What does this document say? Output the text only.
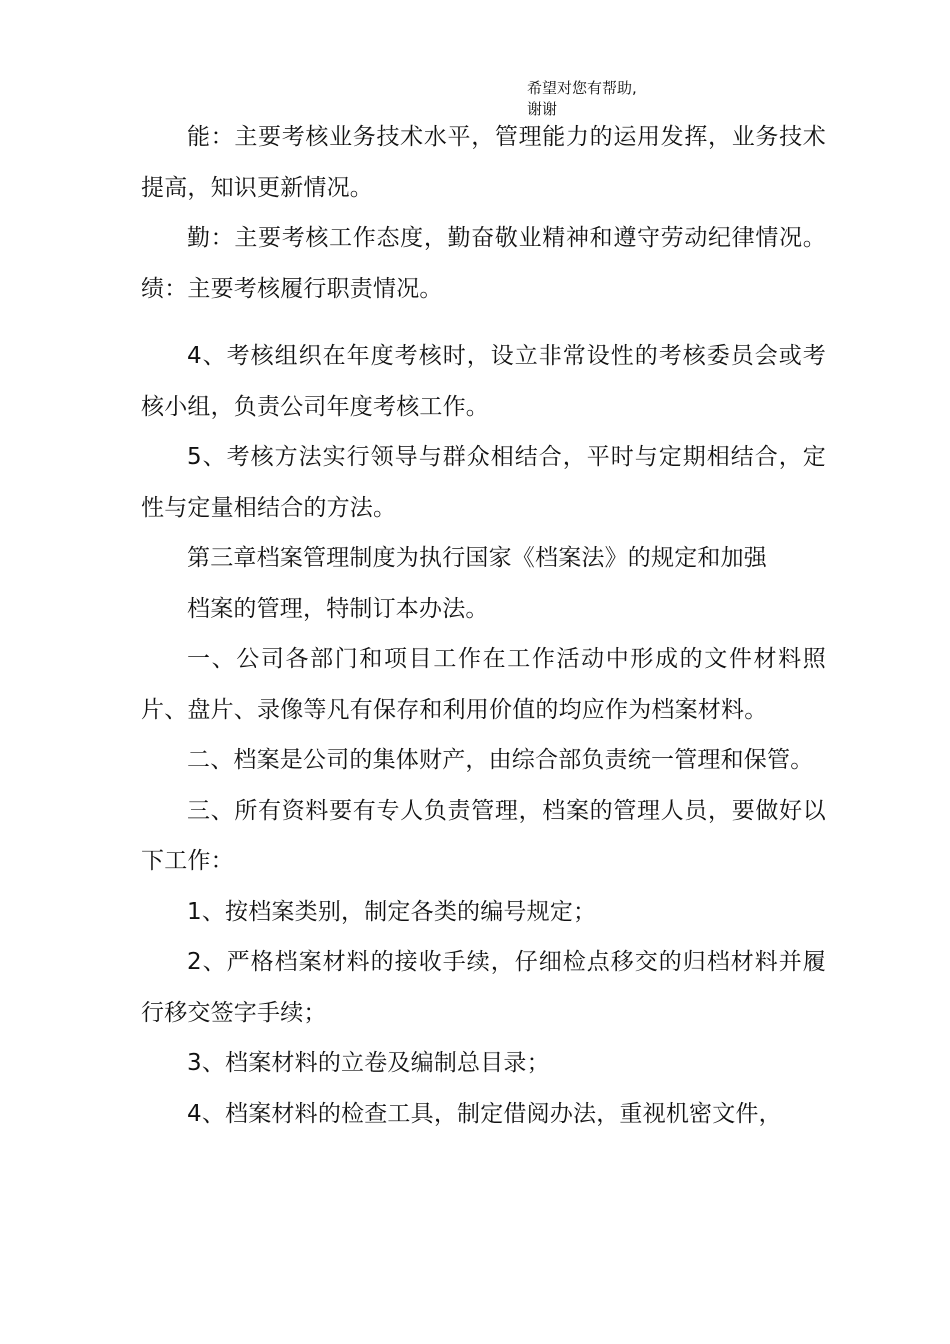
希望对您有帮助,
谢谢

能：主要考核业务技术水平，管理能力的运用发挥，业务技术提高，知识更新情况。

勤：主要考核工作态度，勤奋敬业精神和遵守劳动纪律情况。绩：主要考核履行职责情况。

4、考核组织在年度考核时，设立非常设性的考核委员会或考核小组，负责公司年度考核工作。

5、考核方法实行领导与群众相结合，平时与定期相结合，定性与定量相结合的方法。

第三章档案管理制度为执行国家《档案法》的规定和加强

档案的管理，特制订本办法。

一、公司各部门和项目工作在工作活动中形成的文件材料照片、盘片、录像等凡有保存和利用价值的均应作为档案材料。

二、档案是公司的集体财产，由综合部负责统一管理和保管。

三、所有资料要有专人负责管理，档案的管理人员，要做好以下工作：

1、按档案类别，制定各类的编号规定；

2、严格档案材料的接收手续，仔细检点移交的归档材料并履行移交签字手续；

3、档案材料的立卷及编制总目录；

4、档案材料的检查工具，制定借阅办法，重视机密文件，
